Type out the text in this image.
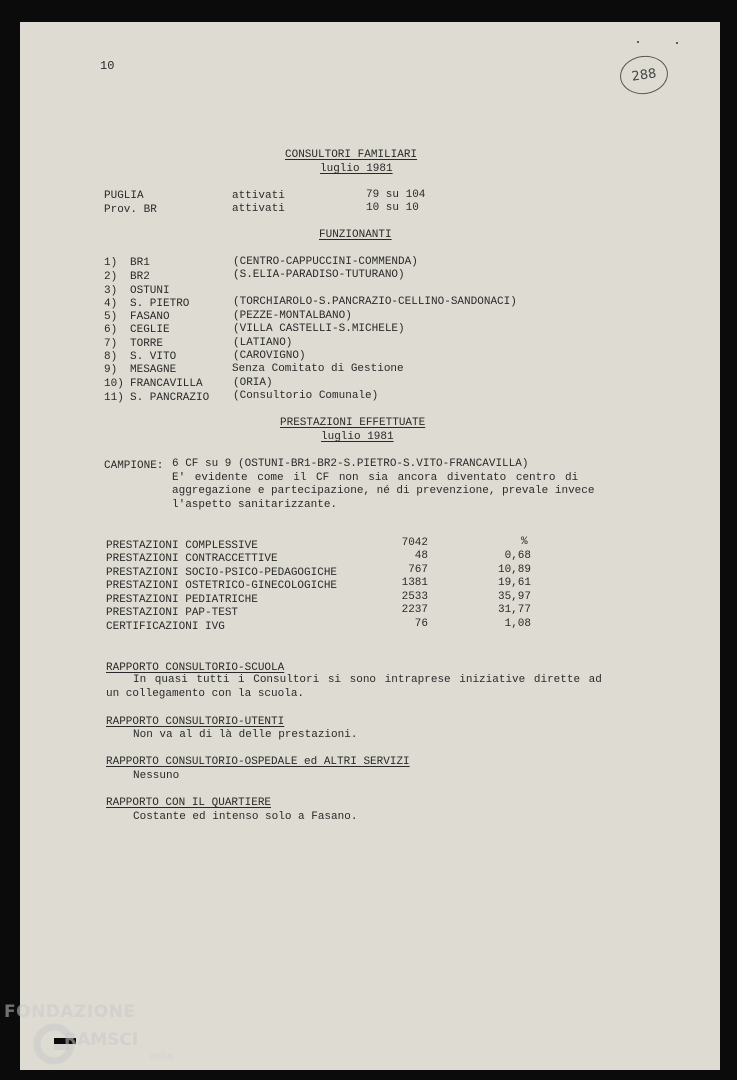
10	288
CONSULTORI FAMILIARI
luglio 1981
PUGLIA	attivati	79 su 104
Prov. BR	attivati	10 su 10
FUNZIONANTI
1) BR1	(CENTRO-CAPPUCCINI-COMMENDA)
2) BR2	(S.ELIA-PARADISO-TUTURANO)
3) OSTUNI
4) S. PIETRO	(TORCHIAROLO-S.PANCRAZIO-CELLINO-SANDONACI)
5) FASANO	(PEZZE-MONTALBANO)
6) CEGLIE	(VILLA CASTELLI-S.MICHELE)
7) TORRE	(LATIANO)
8) S. VITO	(CAROVIGNO)
9) MESAGNE	Senza Comitato di Gestione
10) FRANCAVILLA	(ORIA)
11) S. PANCRAZIO (Consultorio Comunale)
PRESTAZIONI EFFETTUATE
luglio 1981
CAMPIONE: 6 CF su 9 (OSTUNI-BR1-BR2-S.PIETRO-S.VITO-FRANCAVILLA)
E' evidente come il CF non sia ancora diventato centro di
aggregazione e partecipazione, né di prevenzione, prevale invece
l'aspetto sanitarizzante.
%
PRESTAZIONI COMPLESSIVE	7042
PRESTAZIONI CONTRACCETTIVE	48	0,68
PRESTAZIONI SOCIO-PSICO-PEDAGOGICHE	767	10,89
PRESTAZIONI OSTETRICO-GINECOLOGICHE	1381	19,61
PRESTAZIONI PEDIATRICHE	2533	35,97
PRESTAZIONI PAP-TEST	2237	31,77
CERTIFICAZIONI IVG	76	1,08
RAPPORTO CONSULTORIO-SCUOLA
In quasi tutti i Consultori si sono intraprese iniziative dirette ad
un collegamento con la scuola.
RAPPORTO CONSULTORIO-UTENTI
Non va al di là delle prestazioni.
RAPPORTO CONSULTORIO-OSPEDALE ed ALTRI SERVIZI
Nessuno
RAPPORTO CON IL QUARTIERE
Costante ed intenso solo a Fasano.
FONDAZIONE
RAMSCI
onlus
